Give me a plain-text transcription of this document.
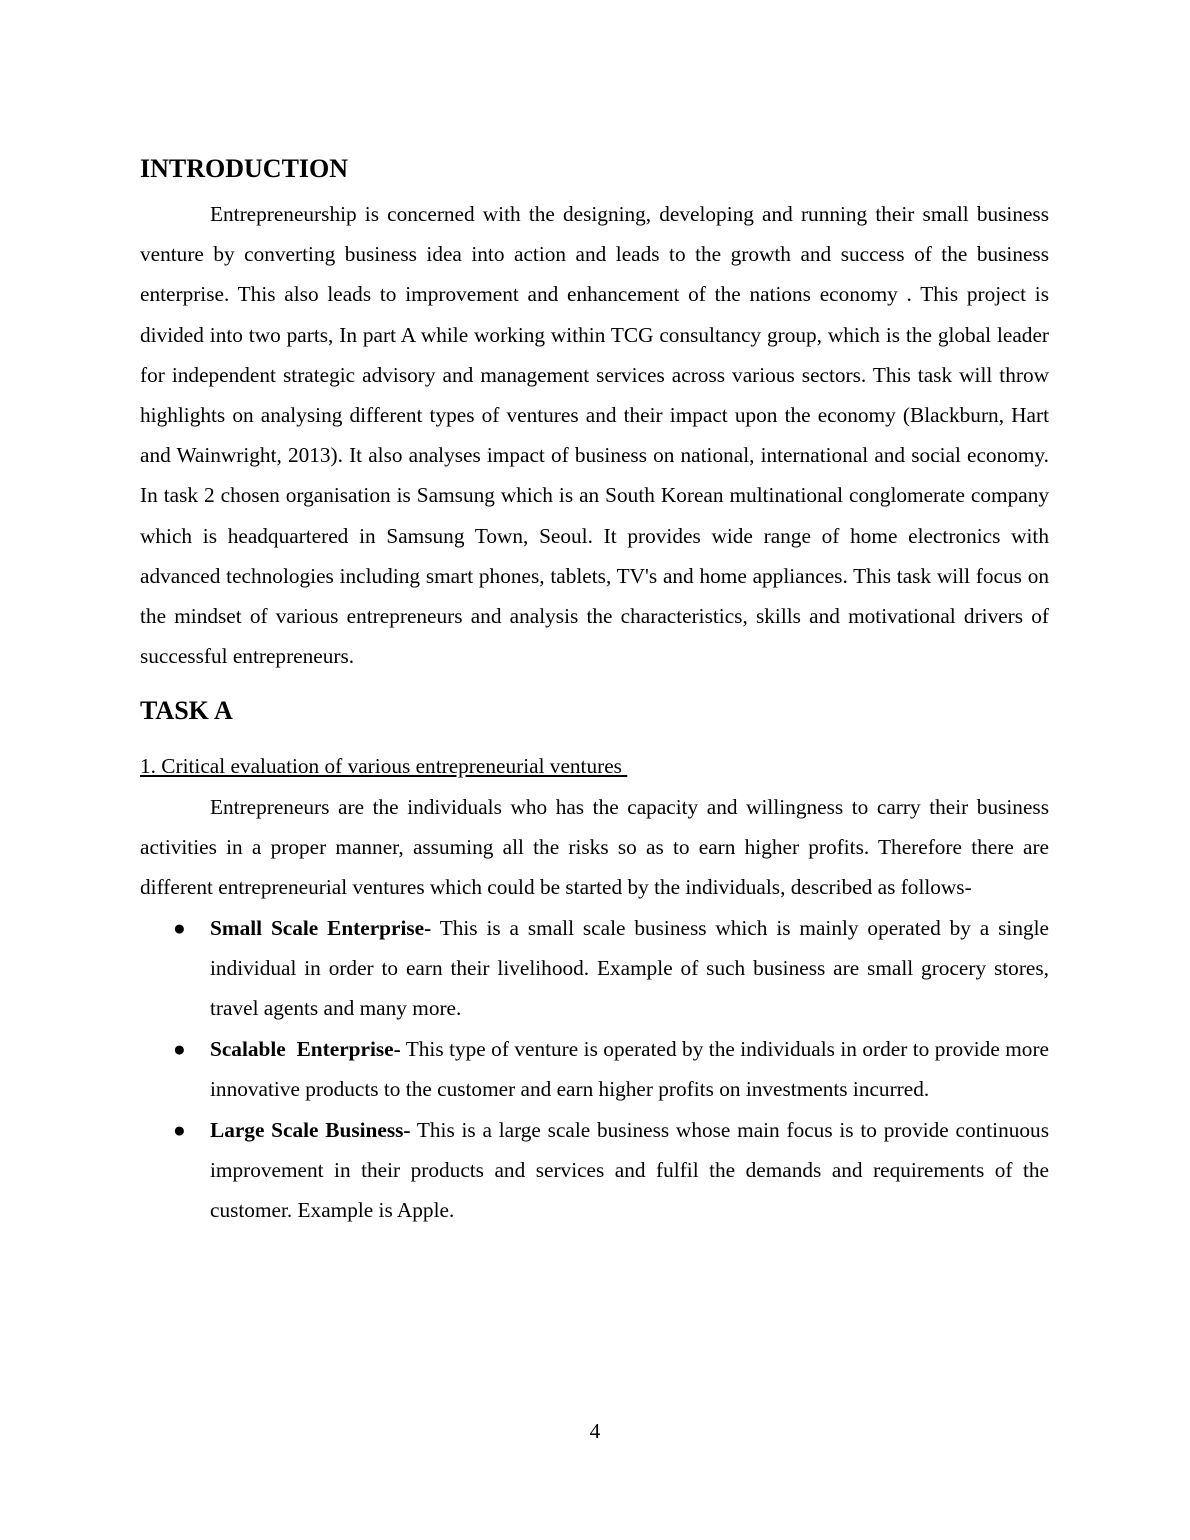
INTRODUCTION

Entrepreneurship is concerned with the designing, developing and running their small business venture by converting business idea into action and leads to the growth and success of the business enterprise. This also leads to improvement and enhancement of the nations economy . This project is divided into two parts, In part A while working within TCG consultancy group, which is the global leader for independent strategic advisory and management services across various sectors. This task will throw highlights on analysing different types of ventures and their impact upon the economy (Blackburn, Hart and Wainwright, 2013). It also analyses impact of business on national, international and social economy. In task 2 chosen organisation is Samsung which is an South Korean multinational conglomerate company which is headquartered in Samsung Town, Seoul. It provides wide range of home electronics with advanced technologies including smart phones, tablets, TV's and home appliances. This task will focus on the mindset of various entrepreneurs and analysis the characteristics, skills and motivational drivers of successful entrepreneurs.

TASK A
1. Critical evaluation of various entrepreneurial ventures

Entrepreneurs are the individuals who has the capacity and willingness to carry their business activities in a proper manner, assuming all the risks so as to earn higher profits. Therefore there are different entrepreneurial ventures which could be started by the individuals, described as follows-

● Small Scale Enterprise- This is a small scale business which is mainly operated by a single individual in order to earn their livelihood. Example of such business are small grocery stores, travel agents and many more.
● Scalable  Enterprise- This type of venture is operated by the individuals in order to provide more innovative products to the customer and earn higher profits on investments incurred.
● Large Scale Business- This is a large scale business whose main focus is to provide continuous improvement in their products and services and fulfil the demands and requirements of the customer. Example is Apple.
4
